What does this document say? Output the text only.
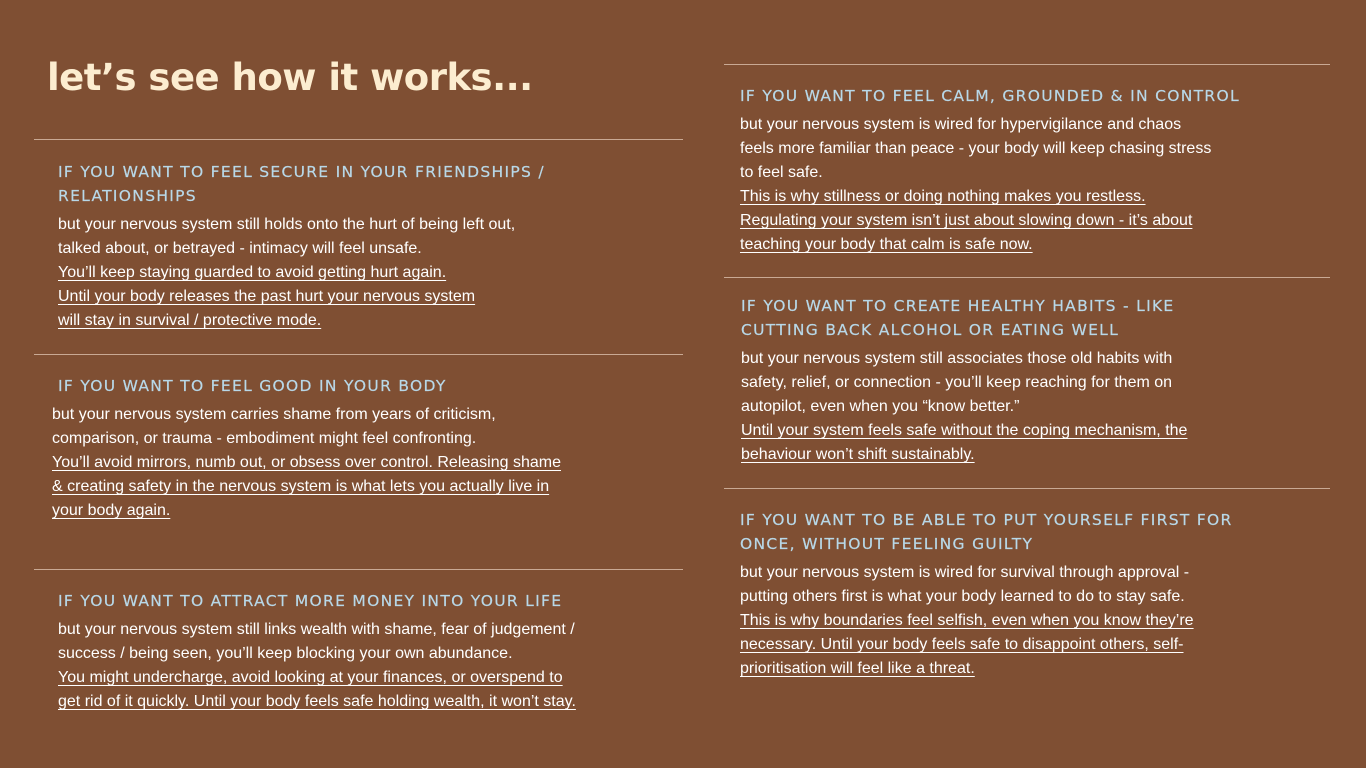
let’s see how it works...
IF YOU WANT TO FEEL SECURE IN YOUR FRIENDSHIPS /
RELATIONSHIPS

but your nervous system still holds onto the hurt of being left out,
talked about, or betrayed - intimacy will feel unsafe.

You’ll keep staying guarded to avoid getting hurt again.
Until your body releases the past hurt your nervous system
will stay in survival / protective mode.

IF YOU WANT TO FEEL GOOD IN YOUR BODY

but your nervous system carries shame from years of criticism,
comparison, or trauma - embodiment might feel confronting.

You’ll avoid mirrors, numb out, or obsess over control. Releasing shame
& creating safety in the nervous system is what lets you actually live in
your body again.

IF YOU WANT TO ATTRACT MORE MONEY INTO YOUR LIFE

but your nervous system still links wealth with shame, fear of judgement /
success / being seen, you’ll keep blocking your own abundance.

You might undercharge, avoid looking at your finances, or overspend to
get rid of it quickly. Until your body feels safe holding wealth, it won’t stay.

IF YOU WANT TO FEEL CALM, GROUNDED & IN CONTROL

but your nervous system is wired for hypervigilance and chaos
feels more familiar than peace - your body will keep chasing stress
to feel safe.

This is why stillness or doing nothing makes you restless.
Regulating your system isn’t just about slowing down - it’s about
teaching your body that calm is safe now.

IF YOU WANT TO CREATE HEALTHY HABITS - LIKE
CUTTING BACK ALCOHOL OR EATING WELL

but your nervous system still associates those old habits with
safety, relief, or connection - you’ll keep reaching for them on
autopilot, even when you “know better.”

Until your system feels safe without the coping mechanism, the
behaviour won’t shift sustainably.

IF YOU WANT TO BE ABLE TO PUT YOURSELF FIRST FOR
ONCE, WITHOUT FEELING GUILTY

but your nervous system is wired for survival through approval -
putting others first is what your body learned to do to stay safe.

This is why boundaries feel selfish, even when you know they’re
necessary. Until your body feels safe to disappoint others, self-
prioritisation will feel like a threat.
